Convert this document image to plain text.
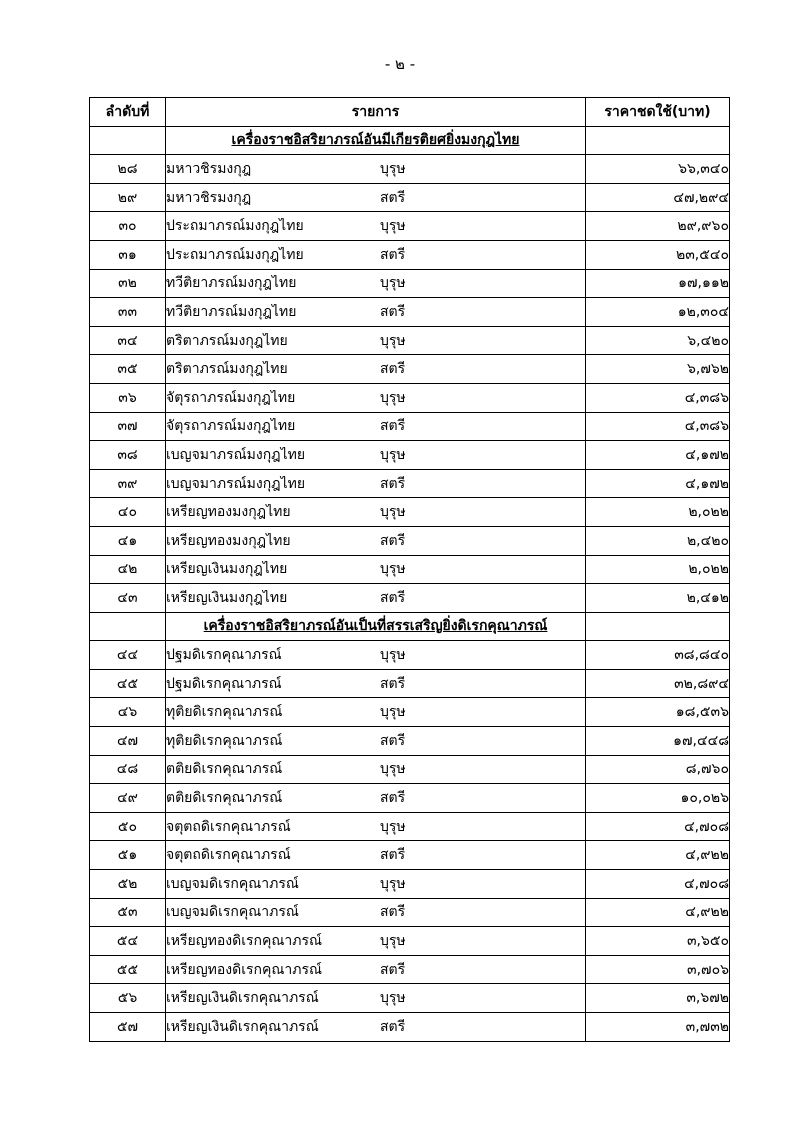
- ๒ -
ลำดับที่	รายการ	ราคาชดใช้(บาท)
	เครื่องราชอิสริยาภรณ์อันมีเกียรติยศยิ่งมงกุฎไทย	
๒๘	มหาวชิรมงกุฎ บุรุษ	๖๖,๓๔๐
๒๙	มหาวชิรมงกุฎ สตรี	๔๗,๒๙๔
๓๐	ประถมาภรณ์มงกุฎไทย บุรุษ	๒๙,๙๖๐
๓๑	ประถมาภรณ์มงกุฎไทย สตรี	๒๓,๕๔๐
๓๒	ทวีติยาภรณ์มงกุฎไทย บุรุษ	๑๗,๑๑๒
๓๓	ทวีติยาภรณ์มงกุฎไทย สตรี	๑๒,๓๐๔
๓๔	ตริตาภรณ์มงกุฎไทย บุรุษ	๖,๔๒๐
๓๕	ตริตาภรณ์มงกุฎไทย สตรี	๖,๗๖๒
๓๖	จัตุรถาภรณ์มงกุฎไทย บุรุษ	๔,๓๘๖
๓๗	จัตุรถาภรณ์มงกุฎไทย สตรี	๔,๓๘๖
๓๘	เบญจมาภรณ์มงกุฎไทย บุรุษ	๔,๑๗๒
๓๙	เบญจมาภรณ์มงกุฎไทย สตรี	๔,๑๗๒
๔๐	เหรียญทองมงกุฎไทย บุรุษ	๒,๐๒๒
๔๑	เหรียญทองมงกุฎไทย สตรี	๒,๔๒๐
๔๒	เหรียญเงินมงกุฎไทย บุรุษ	๒,๐๒๒
๔๓	เหรียญเงินมงกุฎไทย สตรี	๒,๔๑๒
	เครื่องราชอิสริยาภรณ์อันเป็นที่สรรเสริญยิ่งดิเรกคุณาภรณ์	
๔๔	ปฐมดิเรกคุณาภรณ์ บุรุษ	๓๘,๘๔๐
๔๕	ปฐมดิเรกคุณาภรณ์ สตรี	๓๒,๘๙๔
๔๖	ทุติยดิเรกคุณาภรณ์ บุรุษ	๑๘,๕๓๖
๔๗	ทุติยดิเรกคุณาภรณ์ สตรี	๑๗,๔๔๘
๔๘	ตติยดิเรกคุณาภรณ์ บุรุษ	๘,๗๖๐
๔๙	ตติยดิเรกคุณาภรณ์ สตรี	๑๐,๐๒๖
๕๐	จตุตถดิเรกคุณาภรณ์ บุรุษ	๔,๗๐๘
๕๑	จตุตถดิเรกคุณาภรณ์ สตรี	๔,๙๒๒
๕๒	เบญจมดิเรกคุณาภรณ์ บุรุษ	๔,๗๐๘
๕๓	เบญจมดิเรกคุณาภรณ์ สตรี	๔,๙๒๒
๕๔	เหรียญทองดิเรกคุณาภรณ์ บุรุษ	๓,๖๕๐
๕๕	เหรียญทองดิเรกคุณาภรณ์ สตรี	๓,๗๐๖
๕๖	เหรียญเงินดิเรกคุณาภรณ์ บุรุษ	๓,๖๗๒
๕๗	เหรียญเงินดิเรกคุณาภรณ์ สตรี	๓,๗๓๒
